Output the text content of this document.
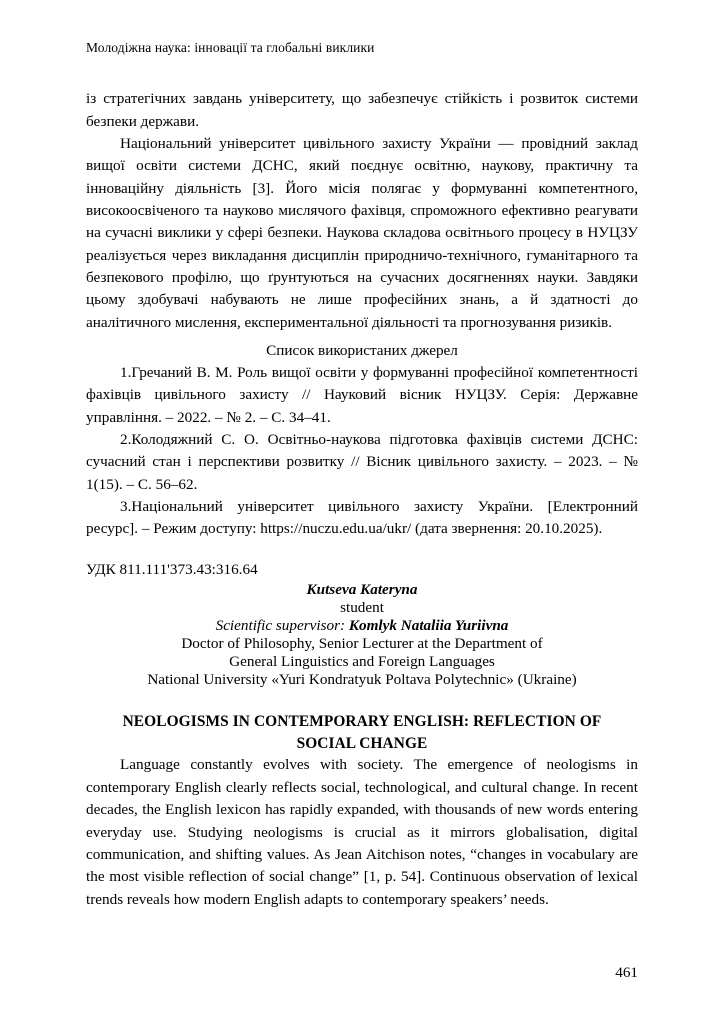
Молодіжна наука: інновації та глобальні виклики

із стратегічних завдань університету, що забезпечує стійкість і розвиток системи безпеки держави.

Національний університет цивільного захисту України — провідний заклад вищої освіти системи ДСНС, який поєднує освітню, наукову, практичну та інноваційну діяльність [3]. Його місія полягає у формуванні компетентного, високоосвіченого та науково мислячого фахівця, спроможного ефективно реагувати на сучасні виклики у сфері безпеки. Наукова складова освітнього процесу в НУЦЗУ реалізується через викладання дисциплін природничо-технічного, гуманітарного та безпекового профілю, що ґрунтуються на сучасних досягненнях науки. Завдяки цьому здобувачі набувають не лише професійних знань, а й здатності до аналітичного мислення, експериментальної діяльності та прогнозування ризиків.

Список використаних джерел

1.Гречаний В. М. Роль вищої освіти у формуванні професійної компетентності фахівців цивільного захисту // Науковий вісник НУЦЗУ. Серія: Державне управління. – 2022. – № 2. – С. 34–41.

2.Колодяжний С. О. Освітньо-наукова підготовка фахівців системи ДСНС: сучасний стан і перспективи розвитку // Вісник цивільного захисту. – 2023. – № 1(15). – С. 56–62.

3.Національний університет цивільного захисту України. [Електронний ресурс]. – Режим доступу: https://nuczu.edu.ua/ukr/ (дата звернення: 20.10.2025).

УДК 811.111'373.43:316.64

Kutseva Kateryna

student

Scientific supervisor: Komlyk Nataliia Yuriivna

Doctor of Philosophy, Senior Lecturer at the Department of

General Linguistics and Foreign Languages

National University «Yuri Kondratyuk Poltava Polytechnic» (Ukraine)

NEOLOGISMS IN CONTEMPORARY ENGLISH: REFLECTION OF
SOCIAL CHANGE

Language constantly evolves with society. The emergence of neologisms in contemporary English clearly reflects social, technological, and cultural change. In recent decades, the English lexicon has rapidly expanded, with thousands of new words entering everyday use. Studying neologisms is crucial as it mirrors globalisation, digital communication, and shifting values. As Jean Aitchison notes, “changes in vocabulary are the most visible reflection of social change” [1, p. 54]. Continuous observation of lexical trends reveals how modern English adapts to contemporary speakers’ needs.

461
